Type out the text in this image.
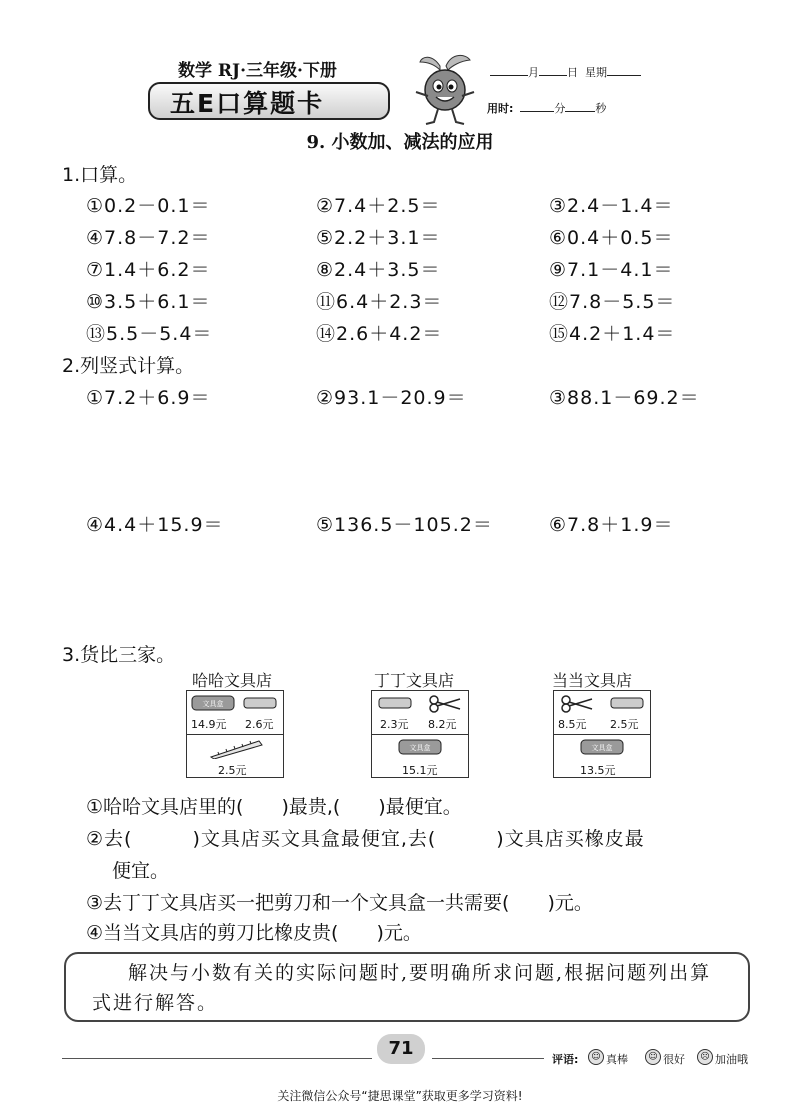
数学 RJ·三年级·下册
五E口算题卡
月	日 星期
用时:	分	秒
9. 小数加、减法的应用
1.口算。
①0.2－0.1＝	②7.4＋2.5＝	③2.4－1.4＝
④7.8－7.2＝	⑤2.2＋3.1＝	⑥0.4＋0.5＝
⑦1.4＋6.2＝	⑧2.4＋3.5＝	⑨7.1－4.1＝
⑩3.5＋6.1＝	⑪6.4＋2.3＝	⑫7.8－5.5＝
⑬5.5－5.4＝	⑭2.6＋4.2＝	⑮4.2＋1.4＝
2.列竖式计算。
①7.2＋6.9＝	②93.1－20.9＝	③88.1－69.2＝
④4.4＋15.9＝	⑤136.5－105.2＝	⑥7.8＋1.9＝
3.货比三家。
哈哈文具店
文具盒
14.9元 2.6元
2.5元
丁丁文具店
2.3元 8.2元
文具盒
15.1元
当当文具店
8.5元 2.5元
文具盒
13.5元
①哈哈文具店里的(　　)最贵,(　　)最便宜。
②去(　　　)文具店买文具盒最便宜,去(　　　)文具店买橡皮最
便宜。
③去丁丁文具店买一把剪刀和一个文具盒一共需要(　　)元。
④当当文具店的剪刀比橡皮贵(　　)元。
解决与小数有关的实际问题时,要明确所求问题,根据问题列出算式进行解答。
71
评语:	☺ 真棒	☺ 很好	☹ 加油哦
关注微信公众号“捷思课堂”获取更多学习资料!
